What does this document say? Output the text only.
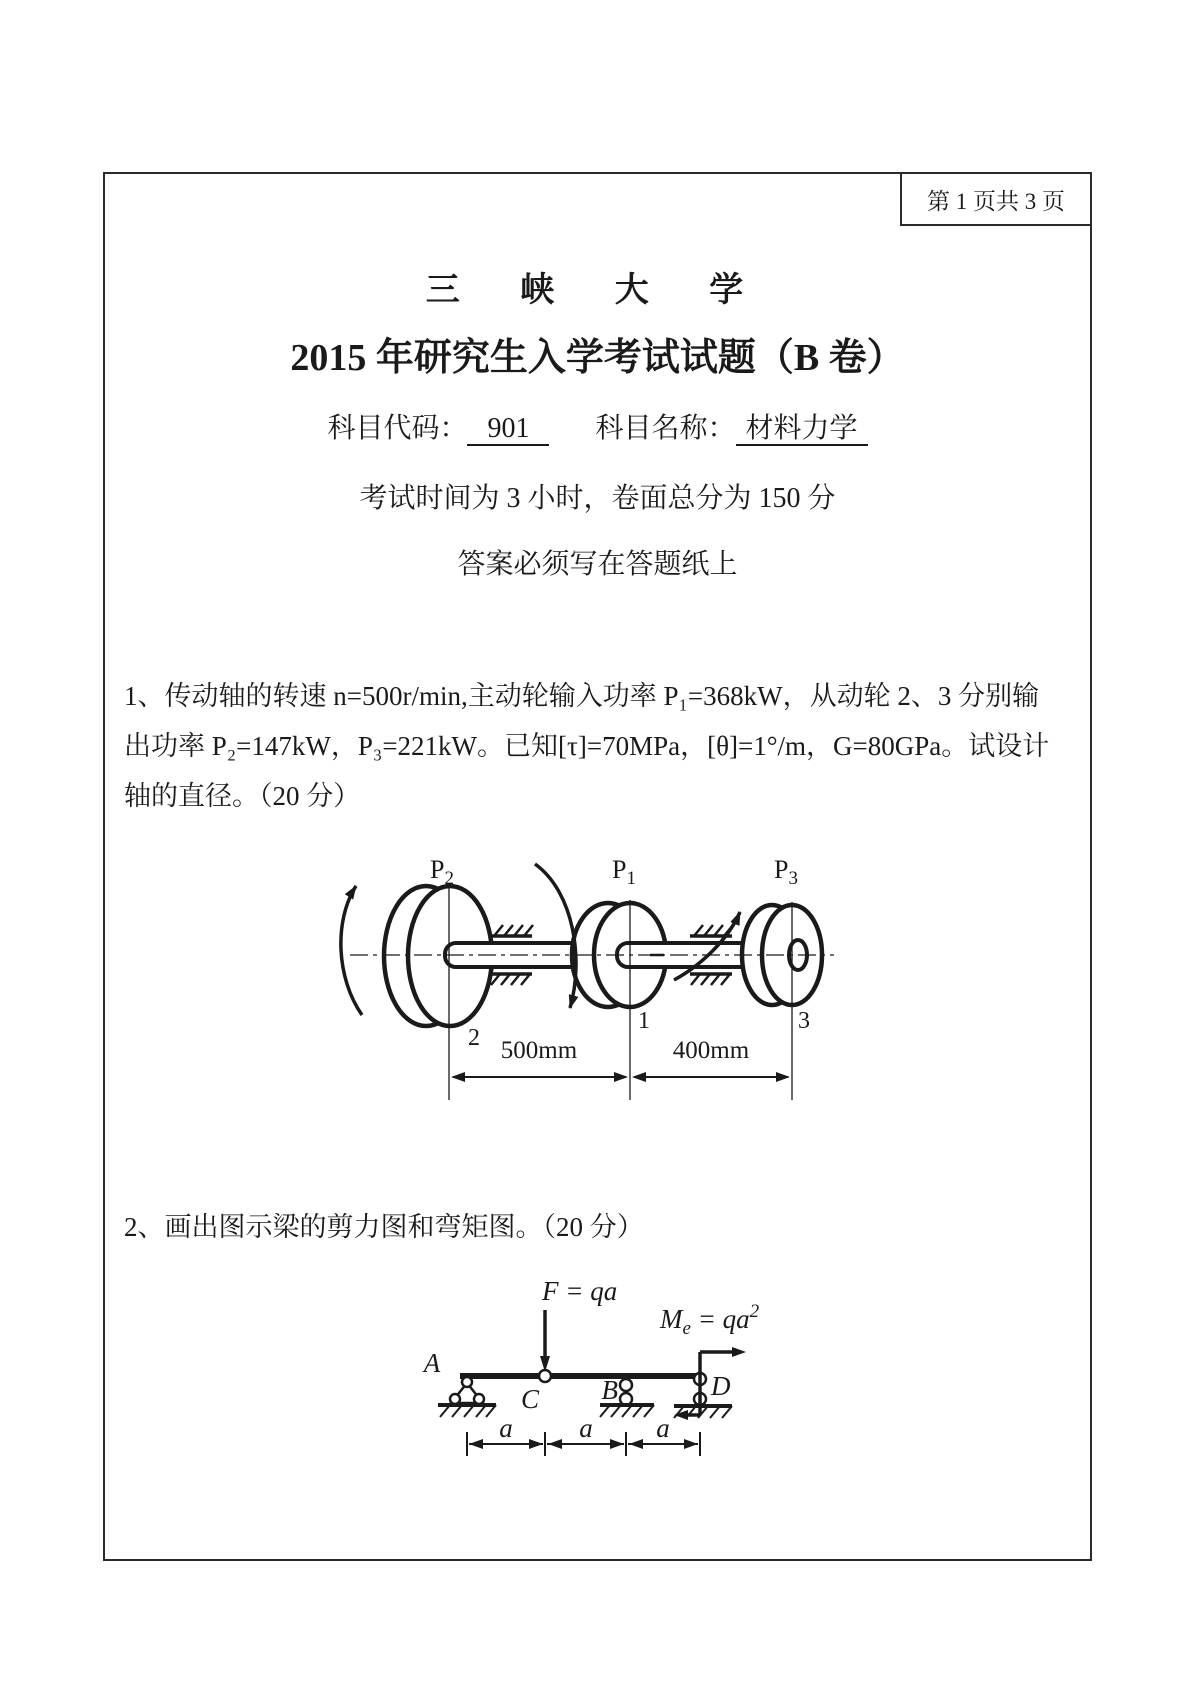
第 1 页共 3 页
三 峡 大 学
2015 年研究生入学考试试题（B 卷）
科目代码： 901 科目名称： 材料力学
考试时间为 3 小时，卷面总分为 150 分
答案必须写在答题纸上
1、传动轴的转速 n=500r/min,主动轮输入功率 P₁=368kW，从动轮 2、3 分别输
出功率 P₂=147kW，P₃=221kW。已知[τ]=70MPa，[θ]=1°/m，G=80GPa。试设计
轴的直径。（20 分）
$P_2$	$P_1$	$P_3$
2
1	3
500mm	400mm
2、画出图示梁的剪力图和弯矩图。（20 分）
A
F = qa
C B	D
$M_e = qa^2$
a a a
